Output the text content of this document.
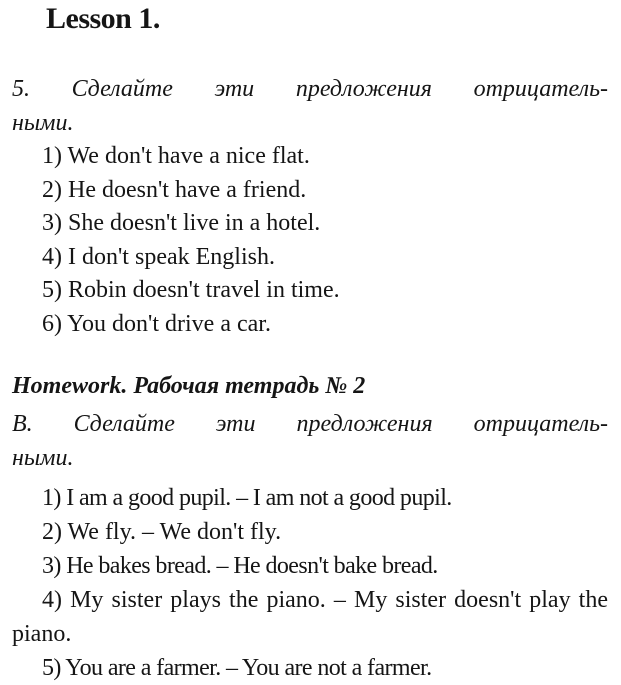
Lesson 1.
5. Сделайте эти предложения отрицатель-
ными.
1) We don't have a nice flat.
2) He doesn't have a friend.
3) She doesn't live in a hotel.
4) I don't speak English.
5) Robin doesn't travel in time.
6) You don't drive a car.
Homework. Рабочая тетрадь № 2
B. Сделайте эти предложения отрицатель-
ными.
1) I am a good pupil. – I am not a good pupil.
2) We fly. – We don't fly.
3) He bakes bread. – He doesn't bake bread.
4) My sister plays the piano. – My sister doesn't play the piano.
5) You are a farmer. – You are not a farmer.
